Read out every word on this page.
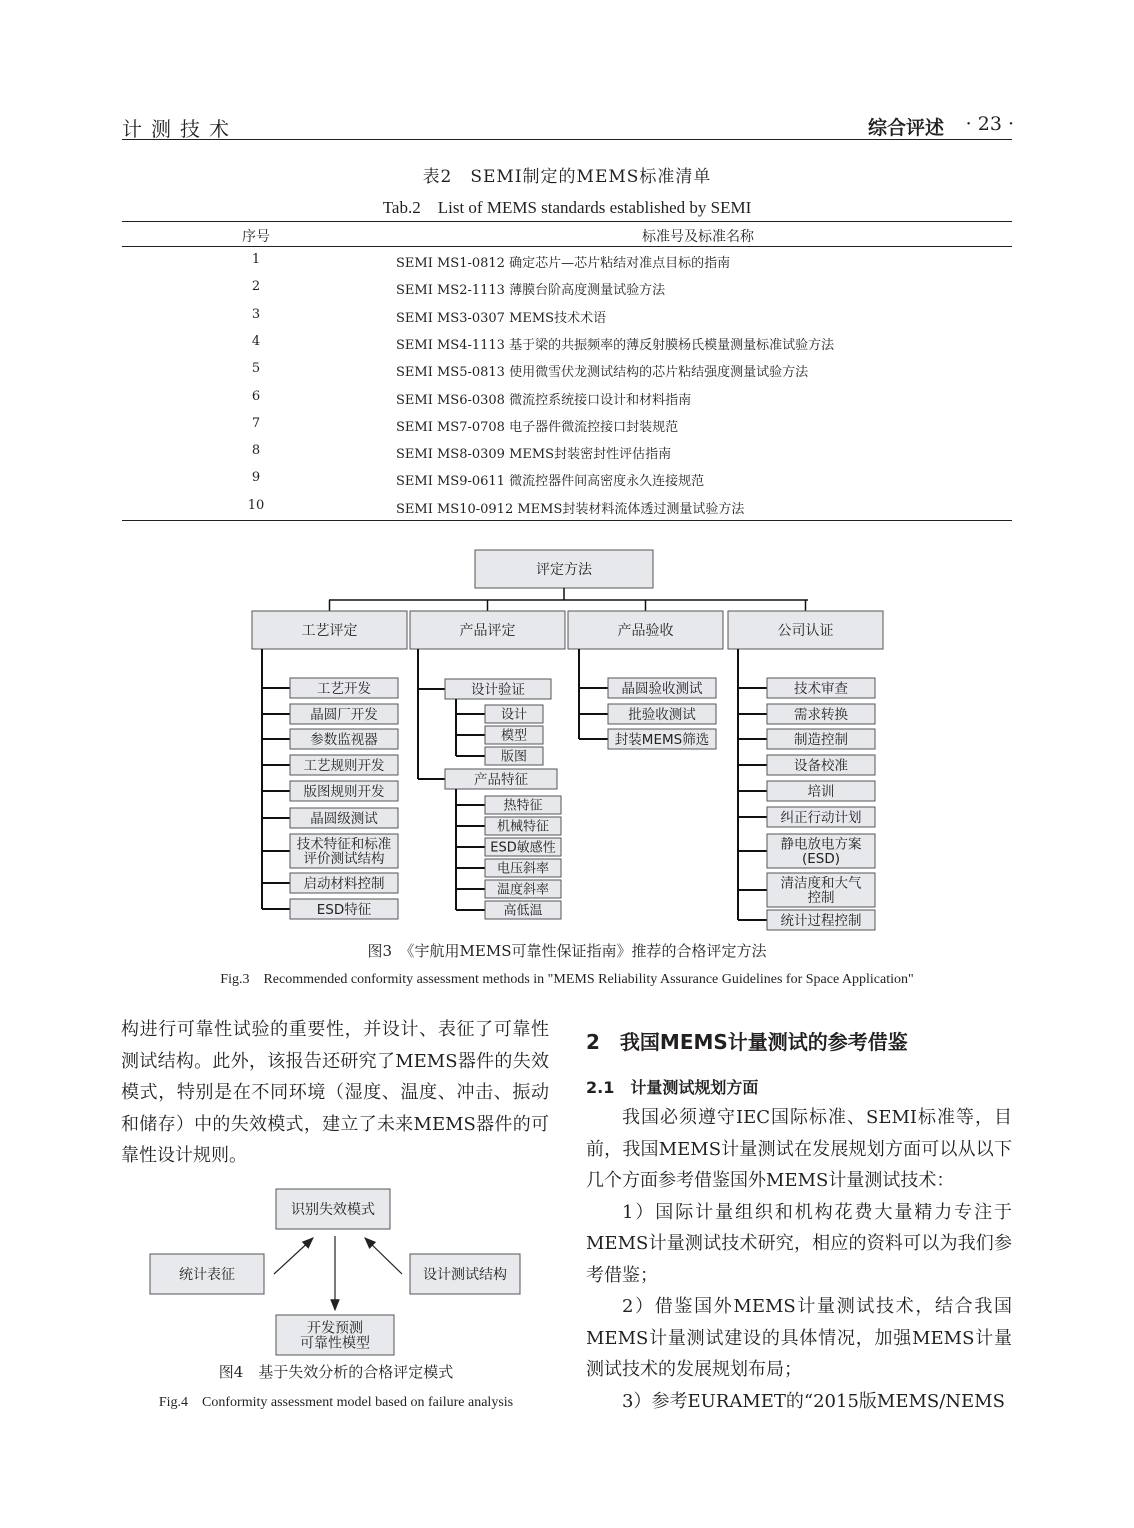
计测技术	综合评述 · 23 ·
表2　SEMI制定的MEMS标准清单
Tab.2　List of MEMS standards established by SEMI
序号	标准号及标准名称
1	SEMI MS1-0812 确定芯片—芯片粘结对准点目标的指南
2	SEMI MS2-1113 薄膜台阶高度测量试验方法
3	SEMI MS3-0307 MEMS技术术语
4	SEMI MS4-1113 基于梁的共振频率的薄反射膜杨氏模量测量标准试验方法
5	SEMI MS5-0813 使用微雪伏龙测试结构的芯片粘结强度测量试验方法
6	SEMI MS6-0308 微流控系统接口设计和材料指南
7	SEMI MS7-0708 电子器件微流控接口封装规范
8	SEMI MS8-0309 MEMS封装密封性评估指南
9	SEMI MS9-0611 微流控器件间高密度永久连接规范
10	SEMI MS10-0912 MEMS封装材料流体透过测量试验方法
评定方法
工艺评定	产品评定	产品验收	公司认证
工艺开发
晶圆厂开发
参数监视器
工艺规则开发
版图规则开发
晶圆级测试
技术特征和标准
评价测试结构
启动材料控制
ESD特征
设计验证
设计
模型
版图
产品特征
热特征
机械特征
ESD敏感性
电压斜率
温度斜率
高低温
晶圆验收测试
批验收测试
封装MEMS筛选
技术审查
需求转换
制造控制
设备校准
培训
纠正行动计划
静电放电方案
(ESD)
清洁度和大气
控制
统计过程控制
图3　《宇航用MEMS可靠性保证指南》推荐的合格评定方法
Fig.3　Recommended conformity assessment methods in "MEMS Reliability Assurance Guidelines for Space Application"
构进行可靠性试验的重要性，并设计、表征了可靠性测试结构。此外，该报告还研究了MEMS器件的失效模式，特别是在不同环境（湿度、温度、冲击、振动和储存）中的失效模式，建立了未来MEMS器件的可靠性设计规则。
识别失效模式
统计表征	设计测试结构
开发预测
可靠性模型
图4　基于失效分析的合格评定模式
Fig.4　Conformity assessment model based on failure analysis
2　我国MEMS计量测试的参考借鉴
2.1　计量测试规划方面

我国必须遵守IEC国际标准、SEMI标准等，目前，我国MEMS计量测试在发展规划方面可以从以下几个方面参考借鉴国外MEMS计量测试技术：

1）国际计量组织和机构花费大量精力专注于MEMS计量测试技术研究，相应的资料可以为我们参考借鉴；

2）借鉴国外MEMS计量测试技术，结合我国MEMS计量测试建设的具体情况，加强MEMS计量测试技术的发展规划布局；

3）参考EURAMET的“2015版MEMS/NEMS
